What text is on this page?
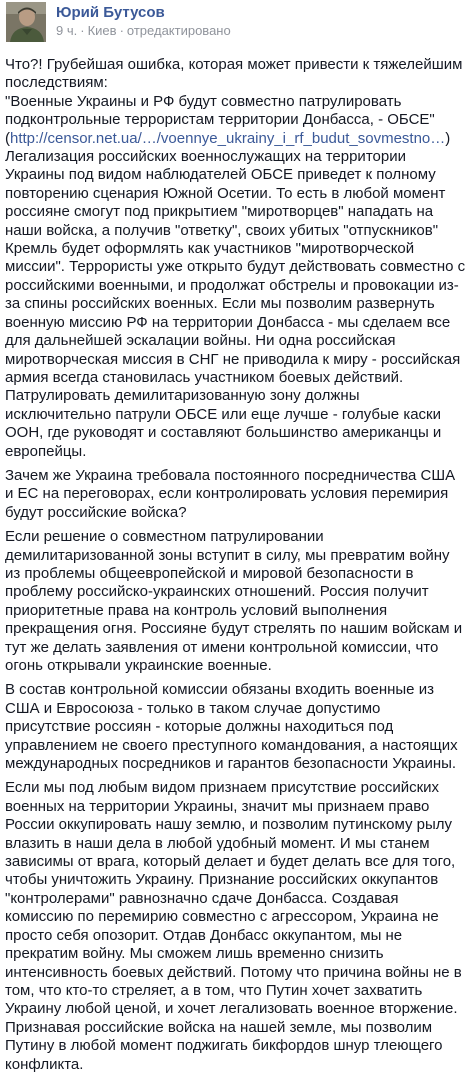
Юрий Бутусов
9 ч. · Киев · отредактировано

Что?! Грубейшая ошибка, которая может привести к тяжелейшим последствиям:
"Военные Украины и РФ будут совместно патрулировать подконтрольные террористам территории Донбасса, - ОБСЕ"
(http://censor.net.ua/…/voennye_ukrainy_i_rf_budut_sovmestno…)
Легализация российских военнослужащих на территории Украины под видом наблюдателей ОБСЕ приведет к полному повторению сценария Южной Осетии. То есть в любой момент россияне смогут под прикрытием "миротворцев" нападать на наши войска, а получив "ответку", своих убитых "отпускников" Кремль будет оформлять как участников "миротворческой миссии". Террористы уже открыто будут действовать совместно с российскими военными, и продолжат обстрелы и провокации из-за спины российских военных. Если мы позволим развернуть военную миссию РФ на территории Донбасса - мы сделаем все для дальнейшей эскалации войны. Ни одна российская миротворческая миссия в СНГ не приводила к миру - российская армия всегда становилась участником боевых действий. Патрулировать демилитаризованную зону должны исключительно патрули ОБСЕ или еще лучше - голубые каски ООН, где руководят и составляют большинство американцы и европейцы.

Зачем же Украина требовала постоянного посредничества США и ЕС на переговорах, если контролировать условия перемирия будут российские войска?

Если решение о совместном патрулировании демилитаризованной зоны вступит в силу, мы превратим войну из проблемы общеевропейской и мировой безопасности в проблему российско-украинских отношений. Россия получит приоритетные права на контроль условий выполнения прекращения огня. Россияне будут стрелять по нашим войскам и тут же делать заявления от имени контрольной комиссии, что огонь открывали украинские военные.

В состав контрольной комиссии обязаны входить военные из США и Евросоюза - только в таком случае допустимо присутствие россиян - которые должны находиться под управлением не своего преступного командования, а настоящих международных посредников и гарантов безопасности Украины.

Если мы под любым видом признаем присутствие российских военных на территории Украины, значит мы признаем право России оккупировать нашу землю, и позволим путинскому рылу влазить в наши дела в любой удобный момент. И мы станем зависимы от врага, который делает и будет делать все для того, чтобы уничтожить Украину. Признание российских оккупантов "контролерами" равнозначно сдаче Донбасса. Создавая комиссию по перемирию совместно с агрессором, Украина не просто себя опозорит. Отдав Донбасс оккупантом, мы не прекратим войну. Мы сможем лишь временно снизить интенсивность боевых действий. Потому что причина войны не в том, что кто-то стреляет, а в том, что Путин хочет захватить Украину любой ценой, и хочет легализовать военное вторжение. Признавая российские войска на нашей земле, мы позволим Путину в любой момент поджигать бикфордов шнур тлеющего конфликта.
